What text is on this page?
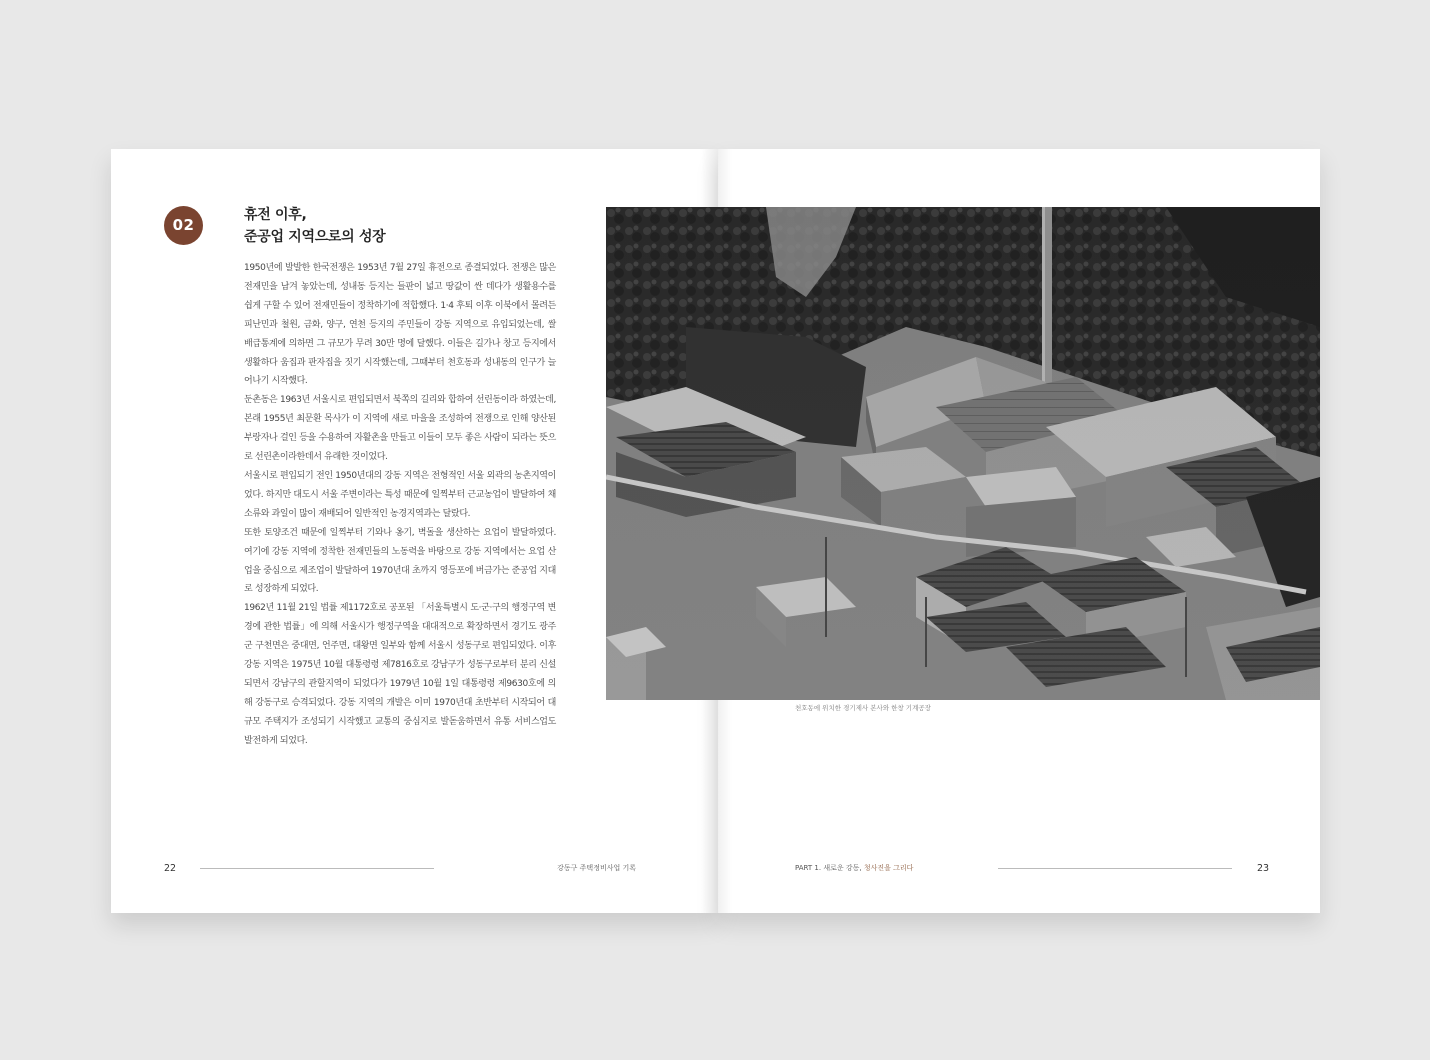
02
휴전 이후,
준공업 지역으로의 성장

1950년에 발발한 한국전쟁은 1953년 7월 27일 휴전으로 종결되었다. 전쟁은 많은 전재민을 남겨 놓았는데, 성내동 등지는 들판이 넓고 땅값이 싼 데다가 생활용수를 쉽게 구할 수 있어 전재민들이 정착하기에 적합했다. 1·4 후퇴 이후 이북에서 몰려든 피난민과 철원, 금화, 양구, 연천 등지의 주민들이 강동 지역으로 유입되었는데, 쌀 배급통계에 의하면 그 규모가 무려 30만 명에 달했다. 이들은 길가나 창고 등지에서 생활하다 움집과 판자집을 짓기 시작했는데, 그때부터 천호동과 성내동의 인구가 늘어나기 시작했다.

둔촌동은 1963년 서울시로 편입되면서 북쪽의 길리와 합하여 선린동이라 하였는데, 본래 1955년 최문환 목사가 이 지역에 새로 마을을 조성하여 전쟁으로 인해 양산된 부랑자나 걸인 등을 수용하여 자활촌을 만들고 이들이 모두 좋은 사람이 되라는 뜻으로 선린촌이라한데서 유래한 것이었다.

서울시로 편입되기 전인 1950년대의 강동 지역은 전형적인 서울 외곽의 농촌지역이었다. 하지만 대도시 서울 주변이라는 특성 때문에 일찍부터 근교농업이 발달하여 채소류와 과일이 많이 재배되어 일반적인 농경지역과는 달랐다.

또한 토양조건 때문에 일찍부터 기와나 옹기, 벽돌을 생산하는 요업이 발달하였다. 여기에 강동 지역에 정착한 전재민들의 노동력을 바탕으로 강동 지역에서는 요업 산업을 중심으로 제조업이 발달하여 1970년대 초까지 영등포에 버금가는 준공업 지대로 성장하게 되었다.

1962년 11월 21일 법률 제1172호로 공포된 「서울특별시 도·군·구의 행정구역 변경에 관한 법률」에 의해 서울시가 행정구역을 대대적으로 확장하면서 경기도 광주군 구천면은 중대면, 언주면, 대왕면 일부와 함께 서울시 성동구로 편입되었다. 이후 강동 지역은 1975년 10월 대통령령 제7816호로 강남구가 성동구로부터 분리 신설되면서 강남구의 관할지역이 되었다가 1979년 10월 1일 대통령령 제9630호에 의해 강동구로 승격되었다. 강동 지역의 개발은 이미 1970년대 초반부터 시작되어 대규모 주택지가 조성되기 시작했고 교통의 중심지로 발돋움하면서 유통 서비스업도 발전하게 되었다.

22	강동구 주택정비사업 기록	PART 1. 새로운 강동, 청사진을 그리다	23
천호동에 위치한 경기제사 본사와 한창 기계공장
